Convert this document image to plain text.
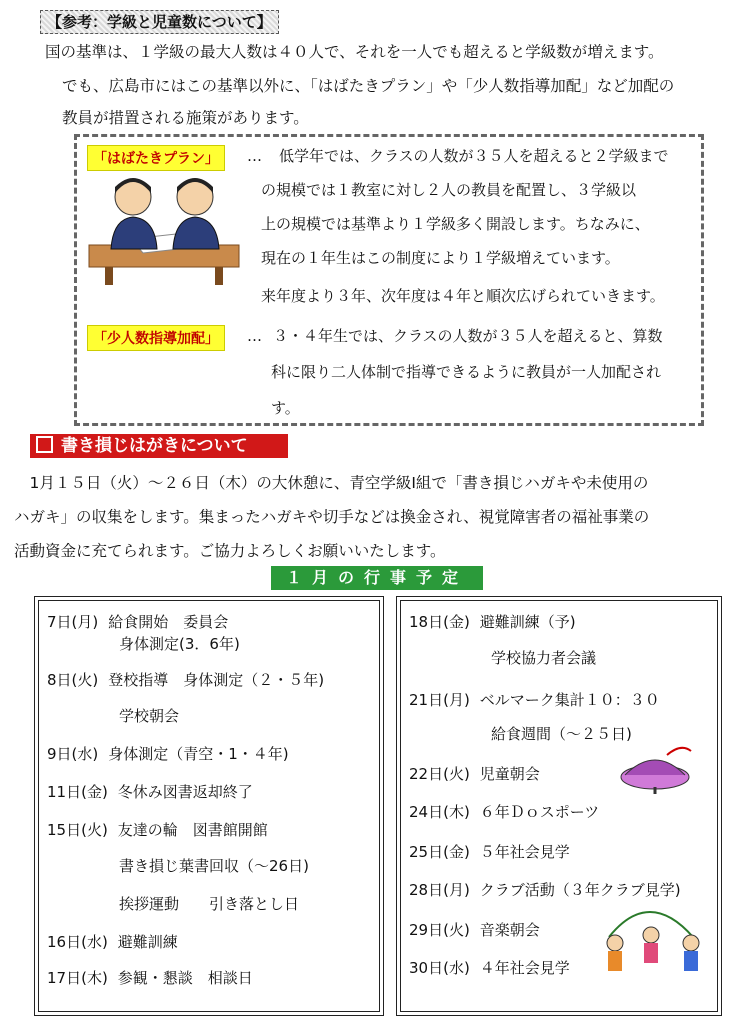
【参考：学級と児童数について】
国の基準は、１学級の最大人数は４０人で、それを一人でも超えると学級数が増えます。
でも、広島市にはこの基準以外に、「はばたきプラン」や「少人数指導加配」など加配の
教員が措置される施策があります。
「はばたきプラン」	… 低学年では、クラスの人数が３５人を超えると２学級まで
の規模では１教室に対し２人の教員を配置し、３学級以
上の規模では基準より１学級多く開設します。ちなみに、
現在の１年生はこの制度により１学級増えています。
来年度より３年、次年度は４年と順次広げられていきます。
「少人数指導加配」	… ３・４年生では、クラスの人数が３５人を超えると、算数
科に限り二人体制で指導できるように教員が一人加配され
す。
書き損じはがきについて
1月１５日（火）～２６日（木）の大休憩に、青空学級Ⅰ組で「書き損じハガキや未使用の
ハガキ」の収集をします。集まったハガキや切手などは換金され、視覚障害者の福祉事業の
活動資金に充てられます。ご協力よろしくお願いいたします。
１月の行事予定
7日(月) 給食開始　委員会
身体測定(3．6年)
8日(火) 登校指導　身体測定（２・５年)
学校朝会
9日(水) 身体測定（青空・1・４年)
11日(金) 冬休み図書返却終了
15日(火) 友達の輪　図書館開館
書き損じ葉書回収（～26日)
挨拶運動　　引き落とし日
16日(水) 避難訓練
17日(木) 参観・懇談　相談日
18日(金) 避難訓練（予)
学校協力者会議
21日(月) ベルマーク集計１０：３０
給食週間（～２５日)
22日(火) 児童朝会
24日(木) ６年Ｄｏスポーツ
25日(金) ５年社会見学
28日(月) クラブ活動（３年クラブ見学)
29日(火) 音楽朝会
30日(水) ４年社会見学
